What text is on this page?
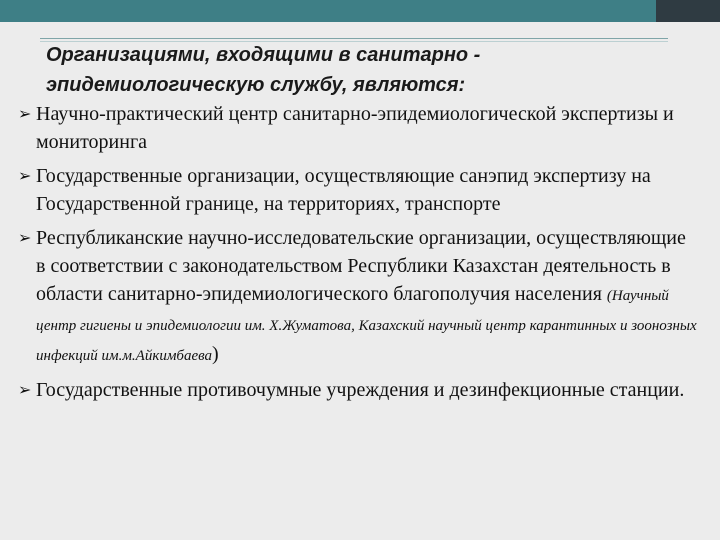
Организациями, входящими в санитарно -
эпидемиологическую службу, являются:
➢ Научно-практический центр санитарно-эпидемиологической экспертизы и мониторинга
➢ Государственные организации, осуществляющие санэпид экспертизу на Государственной границе, на территориях, транспорте
➢ Республиканские научно-исследовательские организации, осуществляющие в соответствии с законодательством Республики Казахстан деятельность в области санитарно-эпидемиологического благополучия населения (Научный центр гигиены и эпидемиологии им. Х.Жуматова, Казахский научный центр карантинных и зоонозных инфекций им.м.Айкимбаева)
➢ Государственные противочумные учреждения и дезинфекционные станции.
